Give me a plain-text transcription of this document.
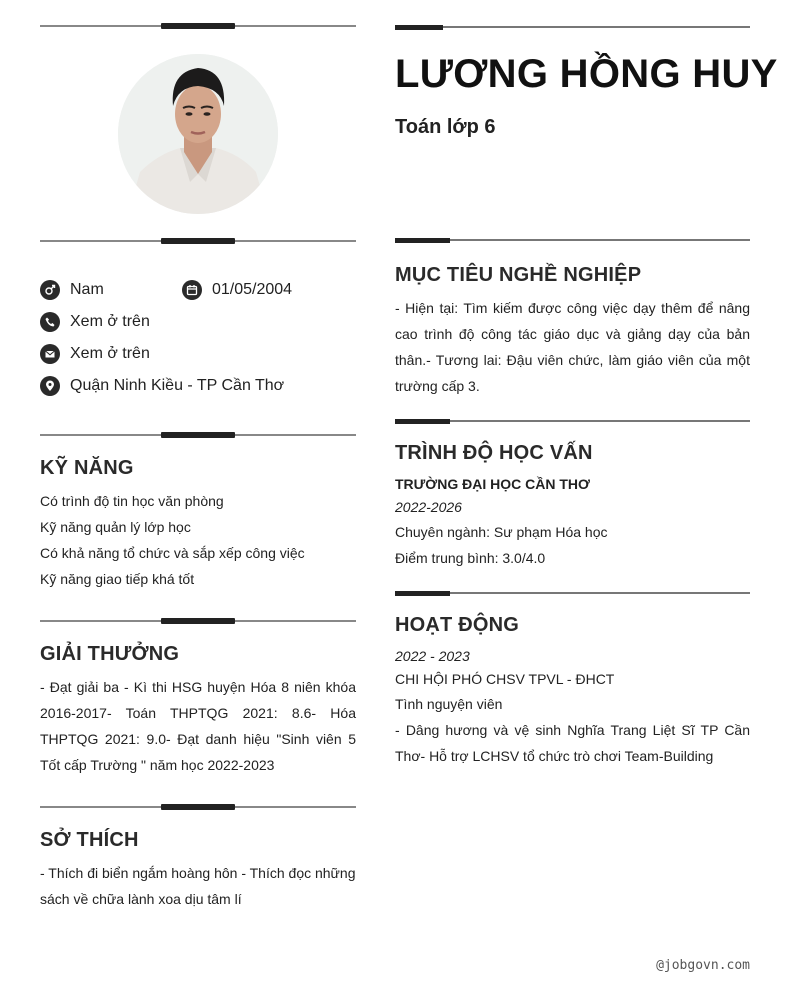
Nam	01/05/2004
Xem ở trên
Xem ở trên
Quận Ninh Kiều - TP Cần Thơ
KỸ NĂNG
Có trình độ tin học văn phòng
Kỹ năng quản lý lớp học
Có khả năng tổ chức và sắp xếp công việc
Kỹ năng giao tiếp khá tốt
GIẢI THƯỞNG
- Đạt giải ba - Kì thi HSG huyện Hóa 8 niên khóa 2016-2017- Toán THPTQG 2021: 8.6- Hóa THPTQG 2021: 9.0- Đạt danh hiệu "Sinh viên 5 Tốt cấp Trường " năm học 2022-2023
SỞ THÍCH
- Thích đi biển ngắm hoàng hôn - Thích đọc những sách về chữa lành xoa dịu tâm lí
LƯƠNG HỒNG HUY
Toán lớp 6
MỤC TIÊU NGHỀ NGHIỆP
- Hiện tại: Tìm kiếm được công việc dạy thêm để nâng cao trình độ công tác giáo dục và giảng dạy của bản thân.- Tương lai: Đậu viên chức, làm giáo viên của một trường cấp 3.
TRÌNH ĐỘ HỌC VẤN
TRƯỜNG ĐẠI HỌC CẦN THƠ
2022-2026
Chuyên ngành: Sư phạm Hóa học
Điểm trung bình: 3.0/4.0
HOẠT ĐỘNG
2022 - 2023
CHI HỘI PHÓ CHSV TPVL - ĐHCT
Tình nguyện viên
- Dâng hương và vệ sinh Nghĩa Trang Liệt Sĩ TP Cần Thơ- Hỗ trợ LCHSV tổ chức trò chơi Team-Building
@jobgovn.com
